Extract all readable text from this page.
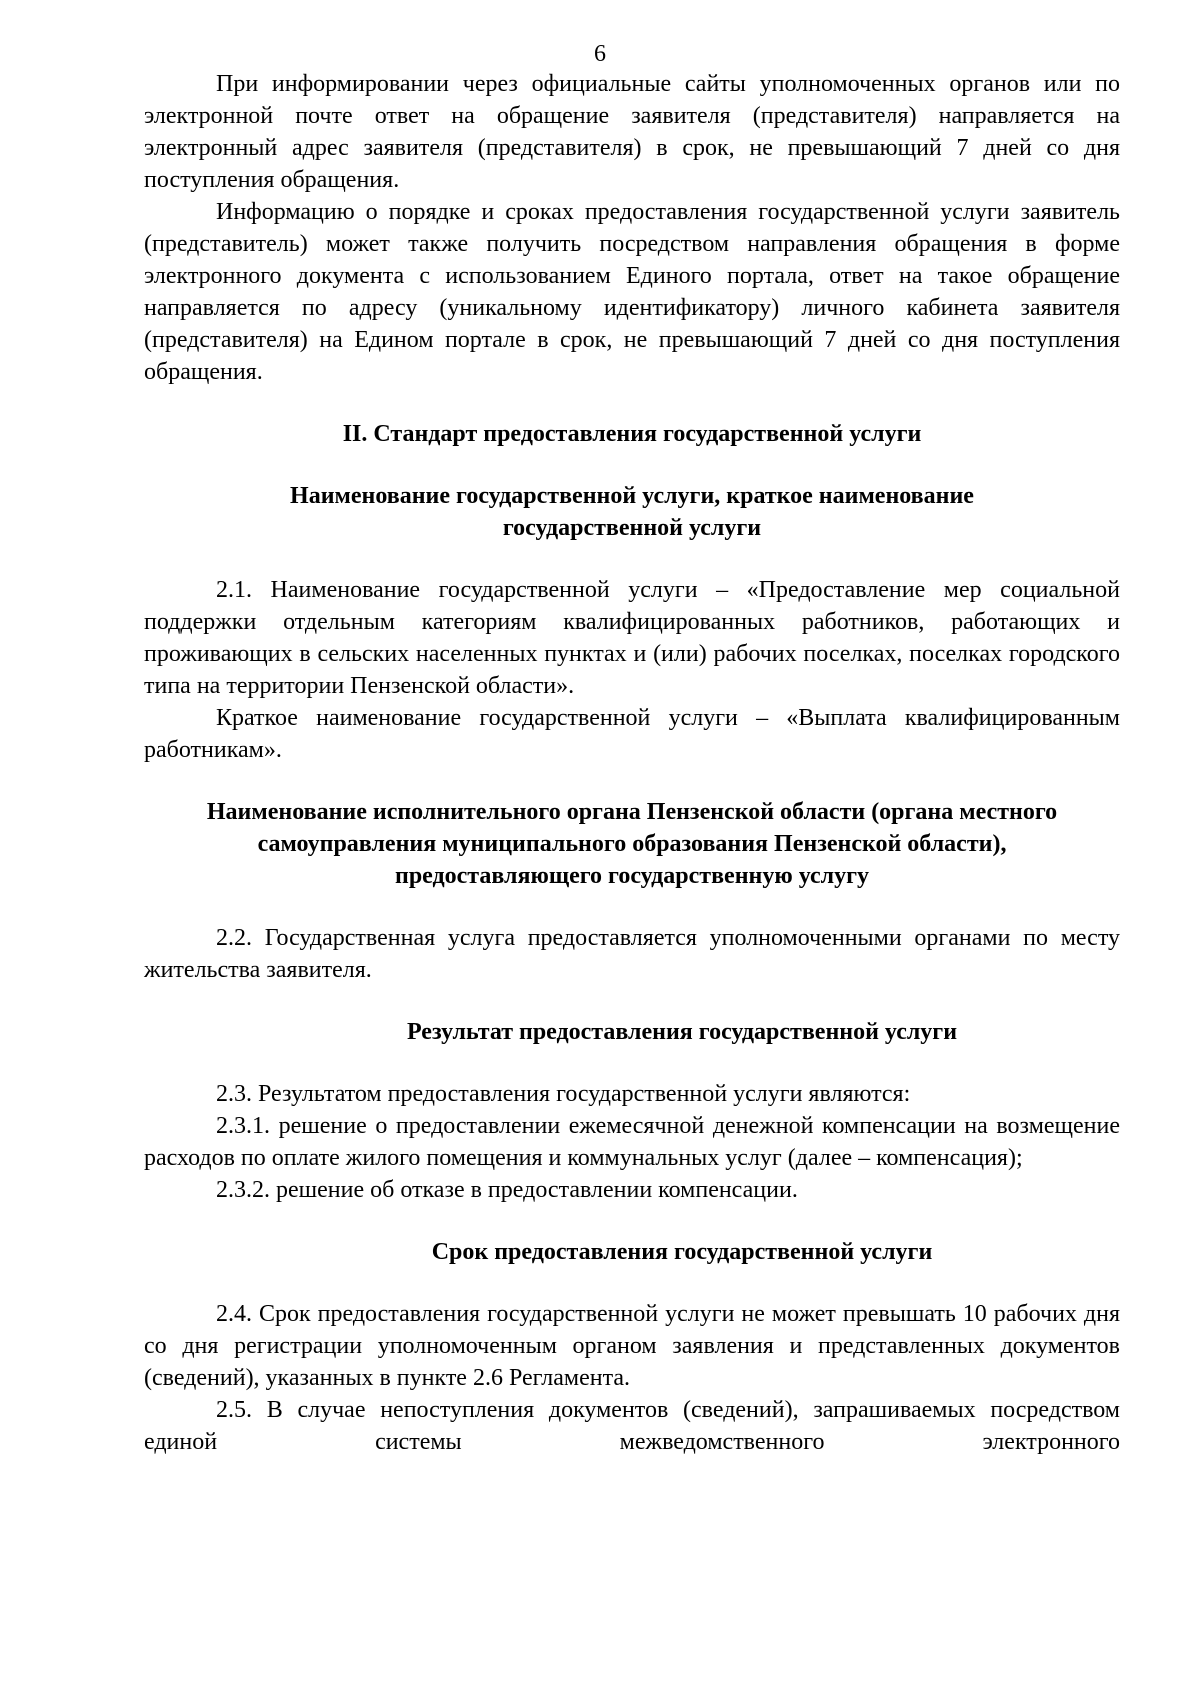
6

При информировании через официальные сайты уполномоченных органов или по электронной почте ответ на обращение заявителя (представителя) направляется на электронный адрес заявителя (представителя) в срок, не превышающий 7 дней со дня поступления обращения.

Информацию о порядке и сроках предоставления государственной услуги заявитель (представитель) может также получить посредством направления обращения в форме электронного документа с использованием Единого портала, ответ на такое обращение направляется по адресу (уникальному идентификатору) личного кабинета заявителя (представителя) на Едином портале в срок, не превышающий 7 дней со дня поступления обращения.

II. Стандарт предоставления государственной услуги
Наименование государственной услуги, краткое наименование государственной услуги

2.1. Наименование государственной услуги – «Предоставление мер социальной поддержки отдельным категориям квалифицированных работников, работающих и проживающих в сельских населенных пунктах и (или) рабочих поселках, поселках городского типа на территории Пензенской области».

Краткое наименование государственной услуги – «Выплата квалифицированным работникам».

Наименование исполнительного органа Пензенской области (органа местного самоуправления муниципального образования Пензенской области), предоставляющего государственную услугу

2.2. Государственная услуга предоставляется уполномоченными органами по месту жительства заявителя.

Результат предоставления государственной услуги

2.3. Результатом предоставления государственной услуги являются:

2.3.1. решение о предоставлении ежемесячной денежной компенсации на возмещение расходов по оплате жилого помещения и коммунальных услуг (далее – компенсация);

2.3.2. решение об отказе в предоставлении компенсации.

Срок предоставления государственной услуги

2.4. Срок предоставления государственной услуги не может превышать 10 рабочих дня со дня регистрации уполномоченным органом заявления и представленных документов (сведений), указанных в пункте 2.6 Регламента.

2.5. В случае непоступления документов (сведений), запрашиваемых посредством единой системы межведомственного электронного
